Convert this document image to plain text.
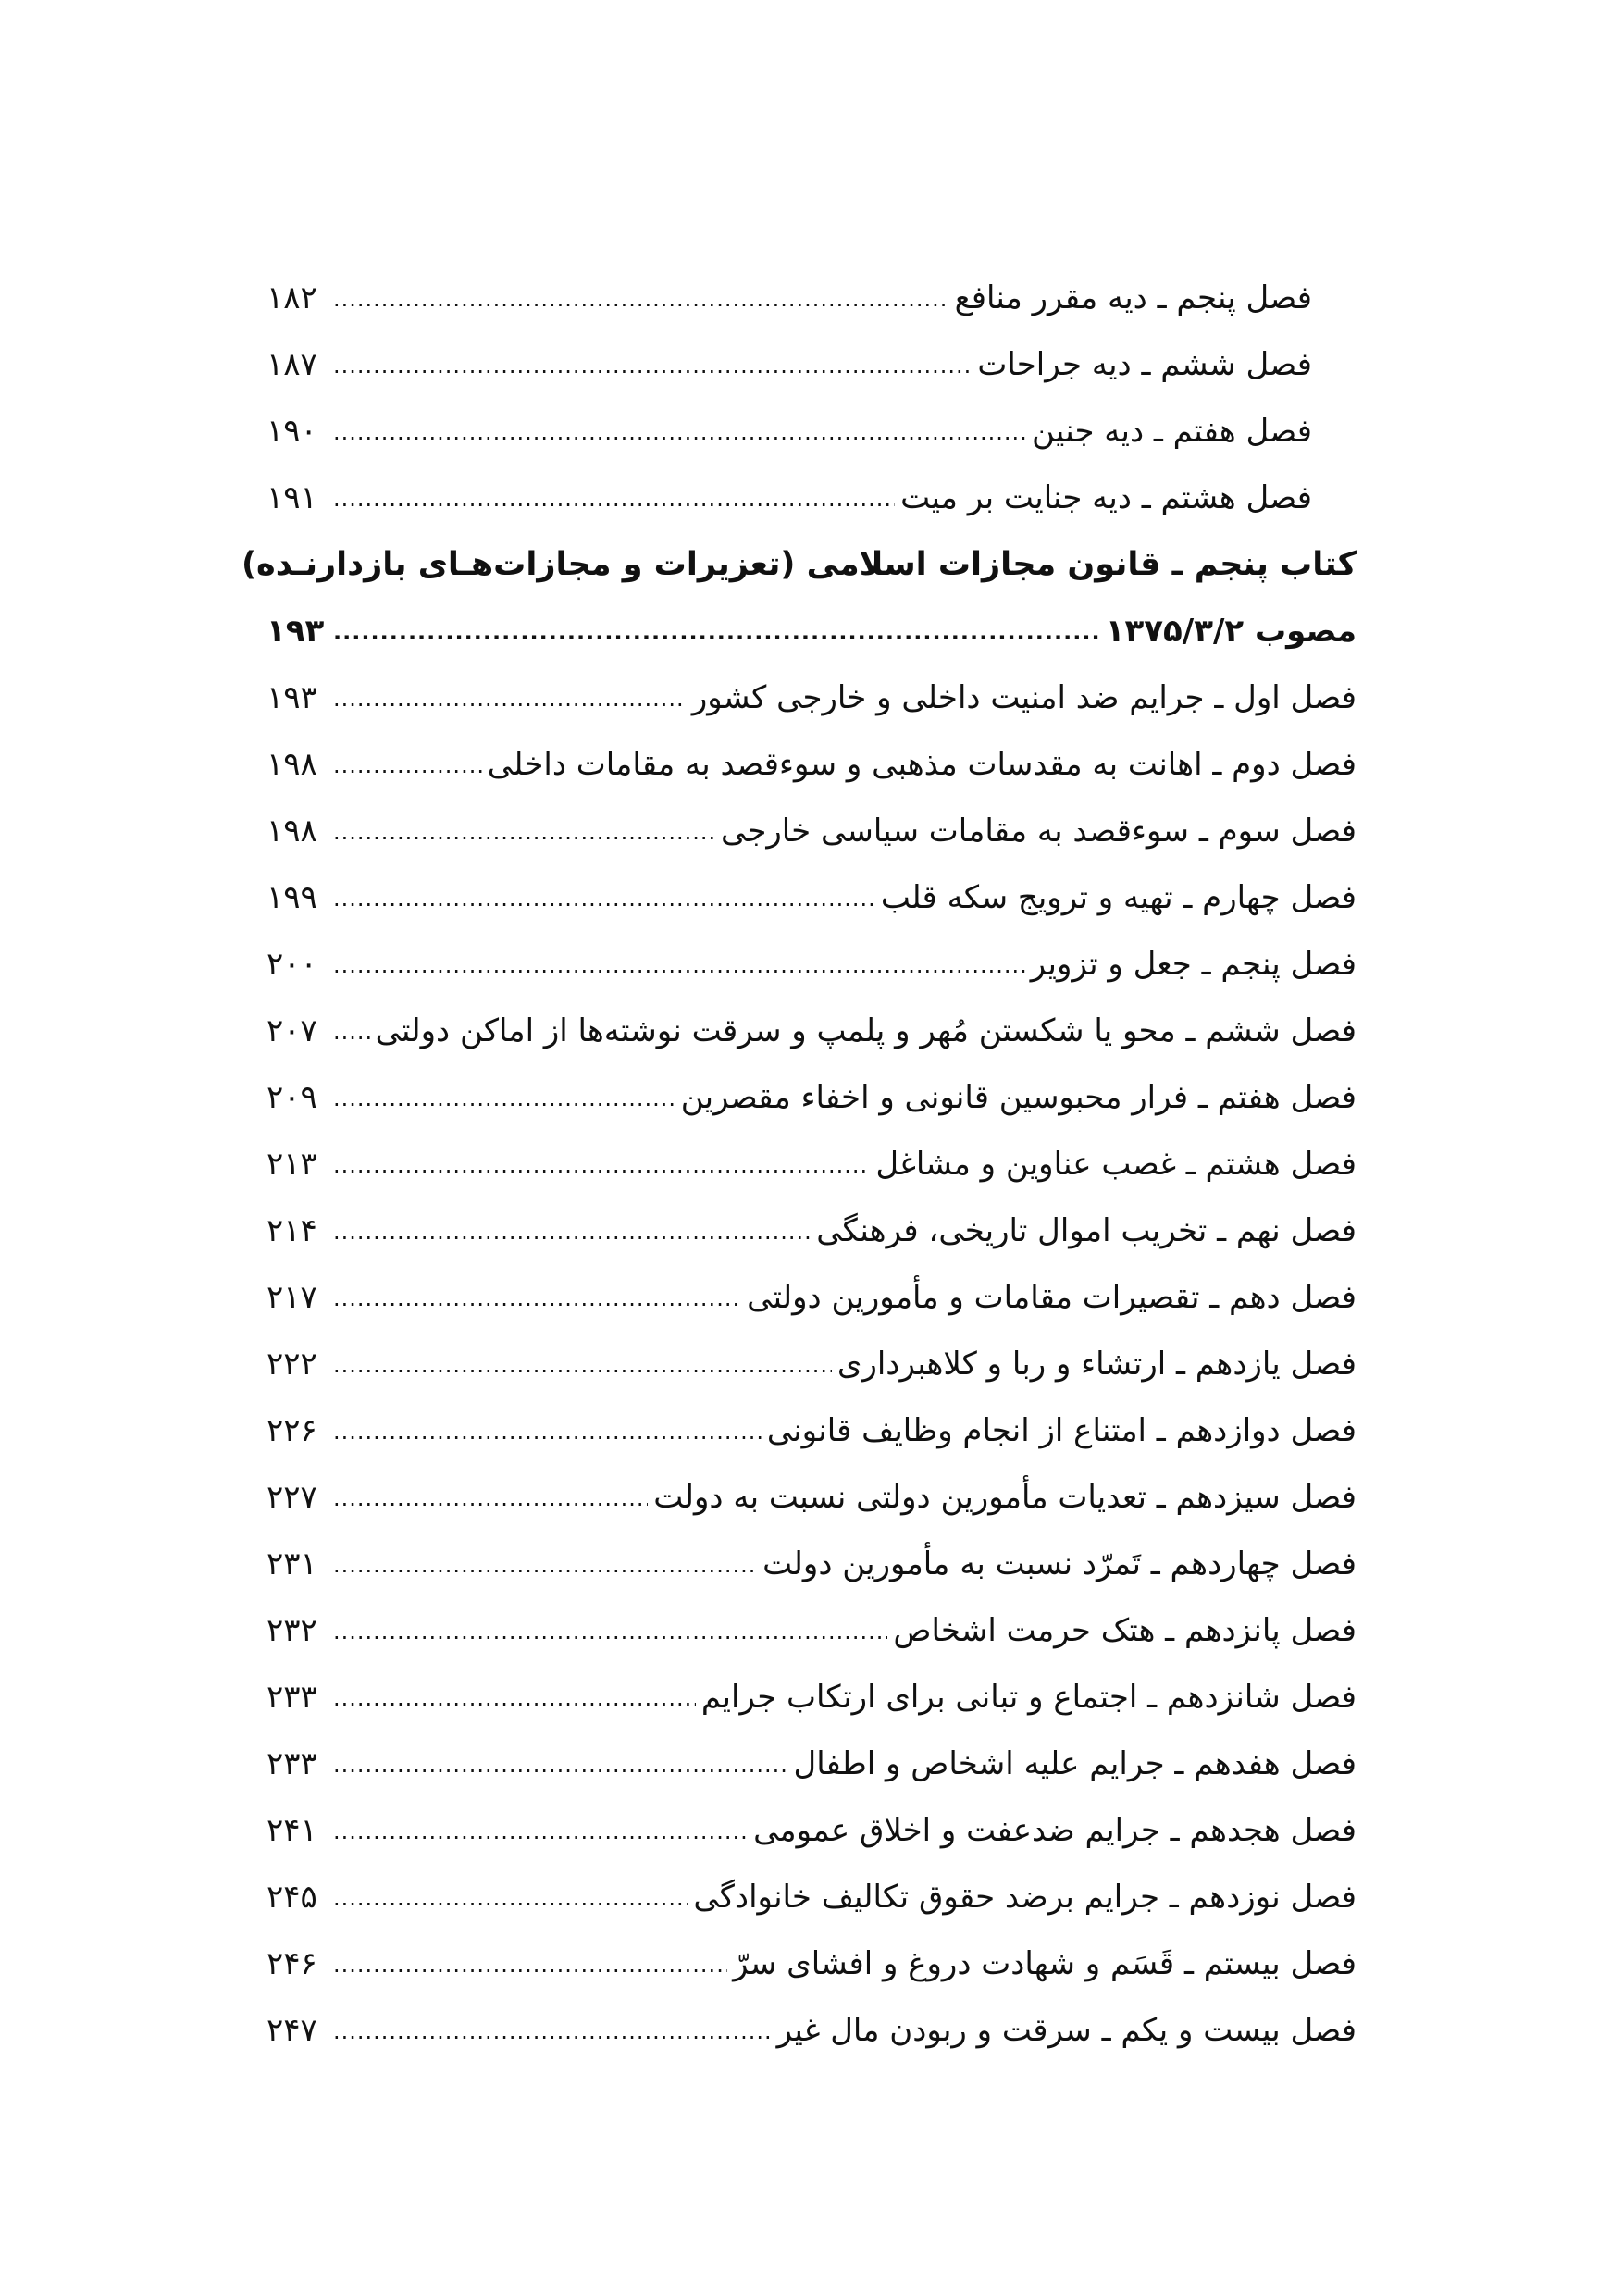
فصل پنجم ـ دیه مقرر منافع
.....
۱۸۲
فصل ششم ـ دیه جراحات
.....
۱۸۷
فصل هفتم ـ دیه جنین
.....
۱۹۰
فصل هشتم ـ دیه جنایت بر میت
.....
۱۹۱
کتاب پنجم ـ قانون مجازات اسلامی (تعزیرات و مجازات‌هـای بازدارنـده)
مصوب ۱۳۷۵/۳/۲
.....
۱۹۳
فصل اول ـ جرایم ضد امنیت داخلی و خارجی کشور
.....
۱۹۳
فصل دوم ـ اهانت به مقدسات مذهبی و سوءقصد به مقامات داخلی
.....
۱۹۸
فصل سوم ـ سوءقصد به مقامات سیاسی خارجی
.....
۱۹۸
فصل چهارم ـ تهیه و ترویج سکه قلب
.....
۱۹۹
فصل پنجم ـ جعل و تزویر
.....
۲۰۰
فصل ششم ـ محو یا شکستن مُهر و پلمپ و سرقت نوشته‌ها از اماکن دولتی
.....
۲۰۷
فصل هفتم ـ فرار محبوسین قانونی و اخفاء مقصرین
.....
۲۰۹
فصل هشتم ـ غصب عناوین و مشاغل
.....
۲۱۳
فصل نهم ـ تخریب اموال تاریخی، فرهنگی
.....
۲۱۴
فصل دهم ـ تقصیرات مقامات و مأمورین دولتی
.....
۲۱۷
فصل یازدهم ـ ارتشاء و ربا و کلاهبرداری
.....
۲۲۲
فصل دوازدهم ـ امتناع از انجام وظایف قانونی
.....
۲۲۶
فصل سیزدهم ـ تعدیات مأمورین دولتی نسبت به دولت
.....
۲۲۷
فصل چهاردهم ـ تَمرّد نسبت به مأمورین دولت
.....
۲۳۱
فصل پانزدهم ـ هتک حرمت اشخاص
.....
۲۳۲
فصل شانزدهم ـ اجتماع و تبانی برای ارتکاب جرایم
.....
۲۳۳
فصل هفدهم ـ جرایم علیه اشخاص و اطفال
.....
۲۳۳
فصل هجدهم ـ جرایم ضدعفت و اخلاق عمومی
.....
۲۴۱
فصل نوزدهم ـ جرایم برضد حقوق تکالیف خانوادگی
.....
۲۴۵
فصل بیستم ـ قَسَم و شهادت دروغ و افشای سرّ
.....
۲۴۶
فصل بیست و یکم ـ سرقت و ربودن مال غیر
.....
۲۴۷
